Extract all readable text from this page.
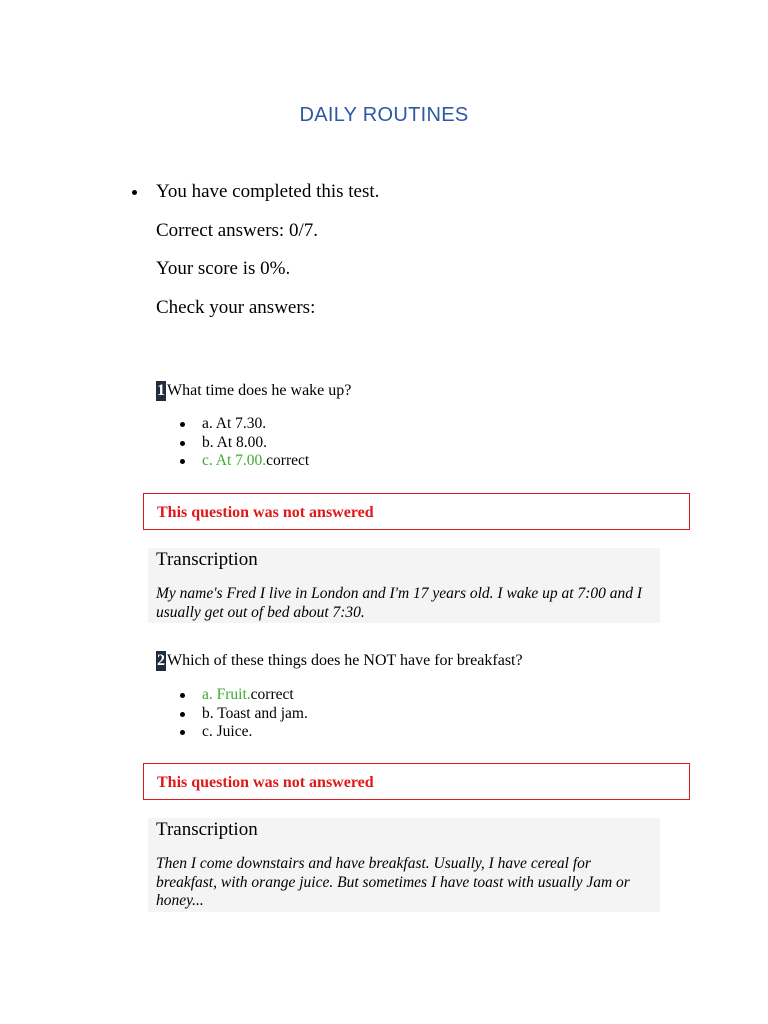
DAILY ROUTINES

You have completed this test.

Correct answers: 0/7.

Your score is 0%.

Check your answers:

1 What time does he wake up?
a. At 7.30.
b. At 8.00.
c. At 7.00.correct
This question was not answered
Transcription
My name's Fred I live in London and I'm 17 years old. I wake up at 7:00 and I usually get out of bed about 7:30.
2 Which of these things does he NOT have for breakfast?
a. Fruit.correct
b. Toast and jam.
c. Juice.
This question was not answered
Transcription
Then I come downstairs and have breakfast. Usually, I have cereal for breakfast, with orange juice. But sometimes I have toast with usually Jam or honey...
